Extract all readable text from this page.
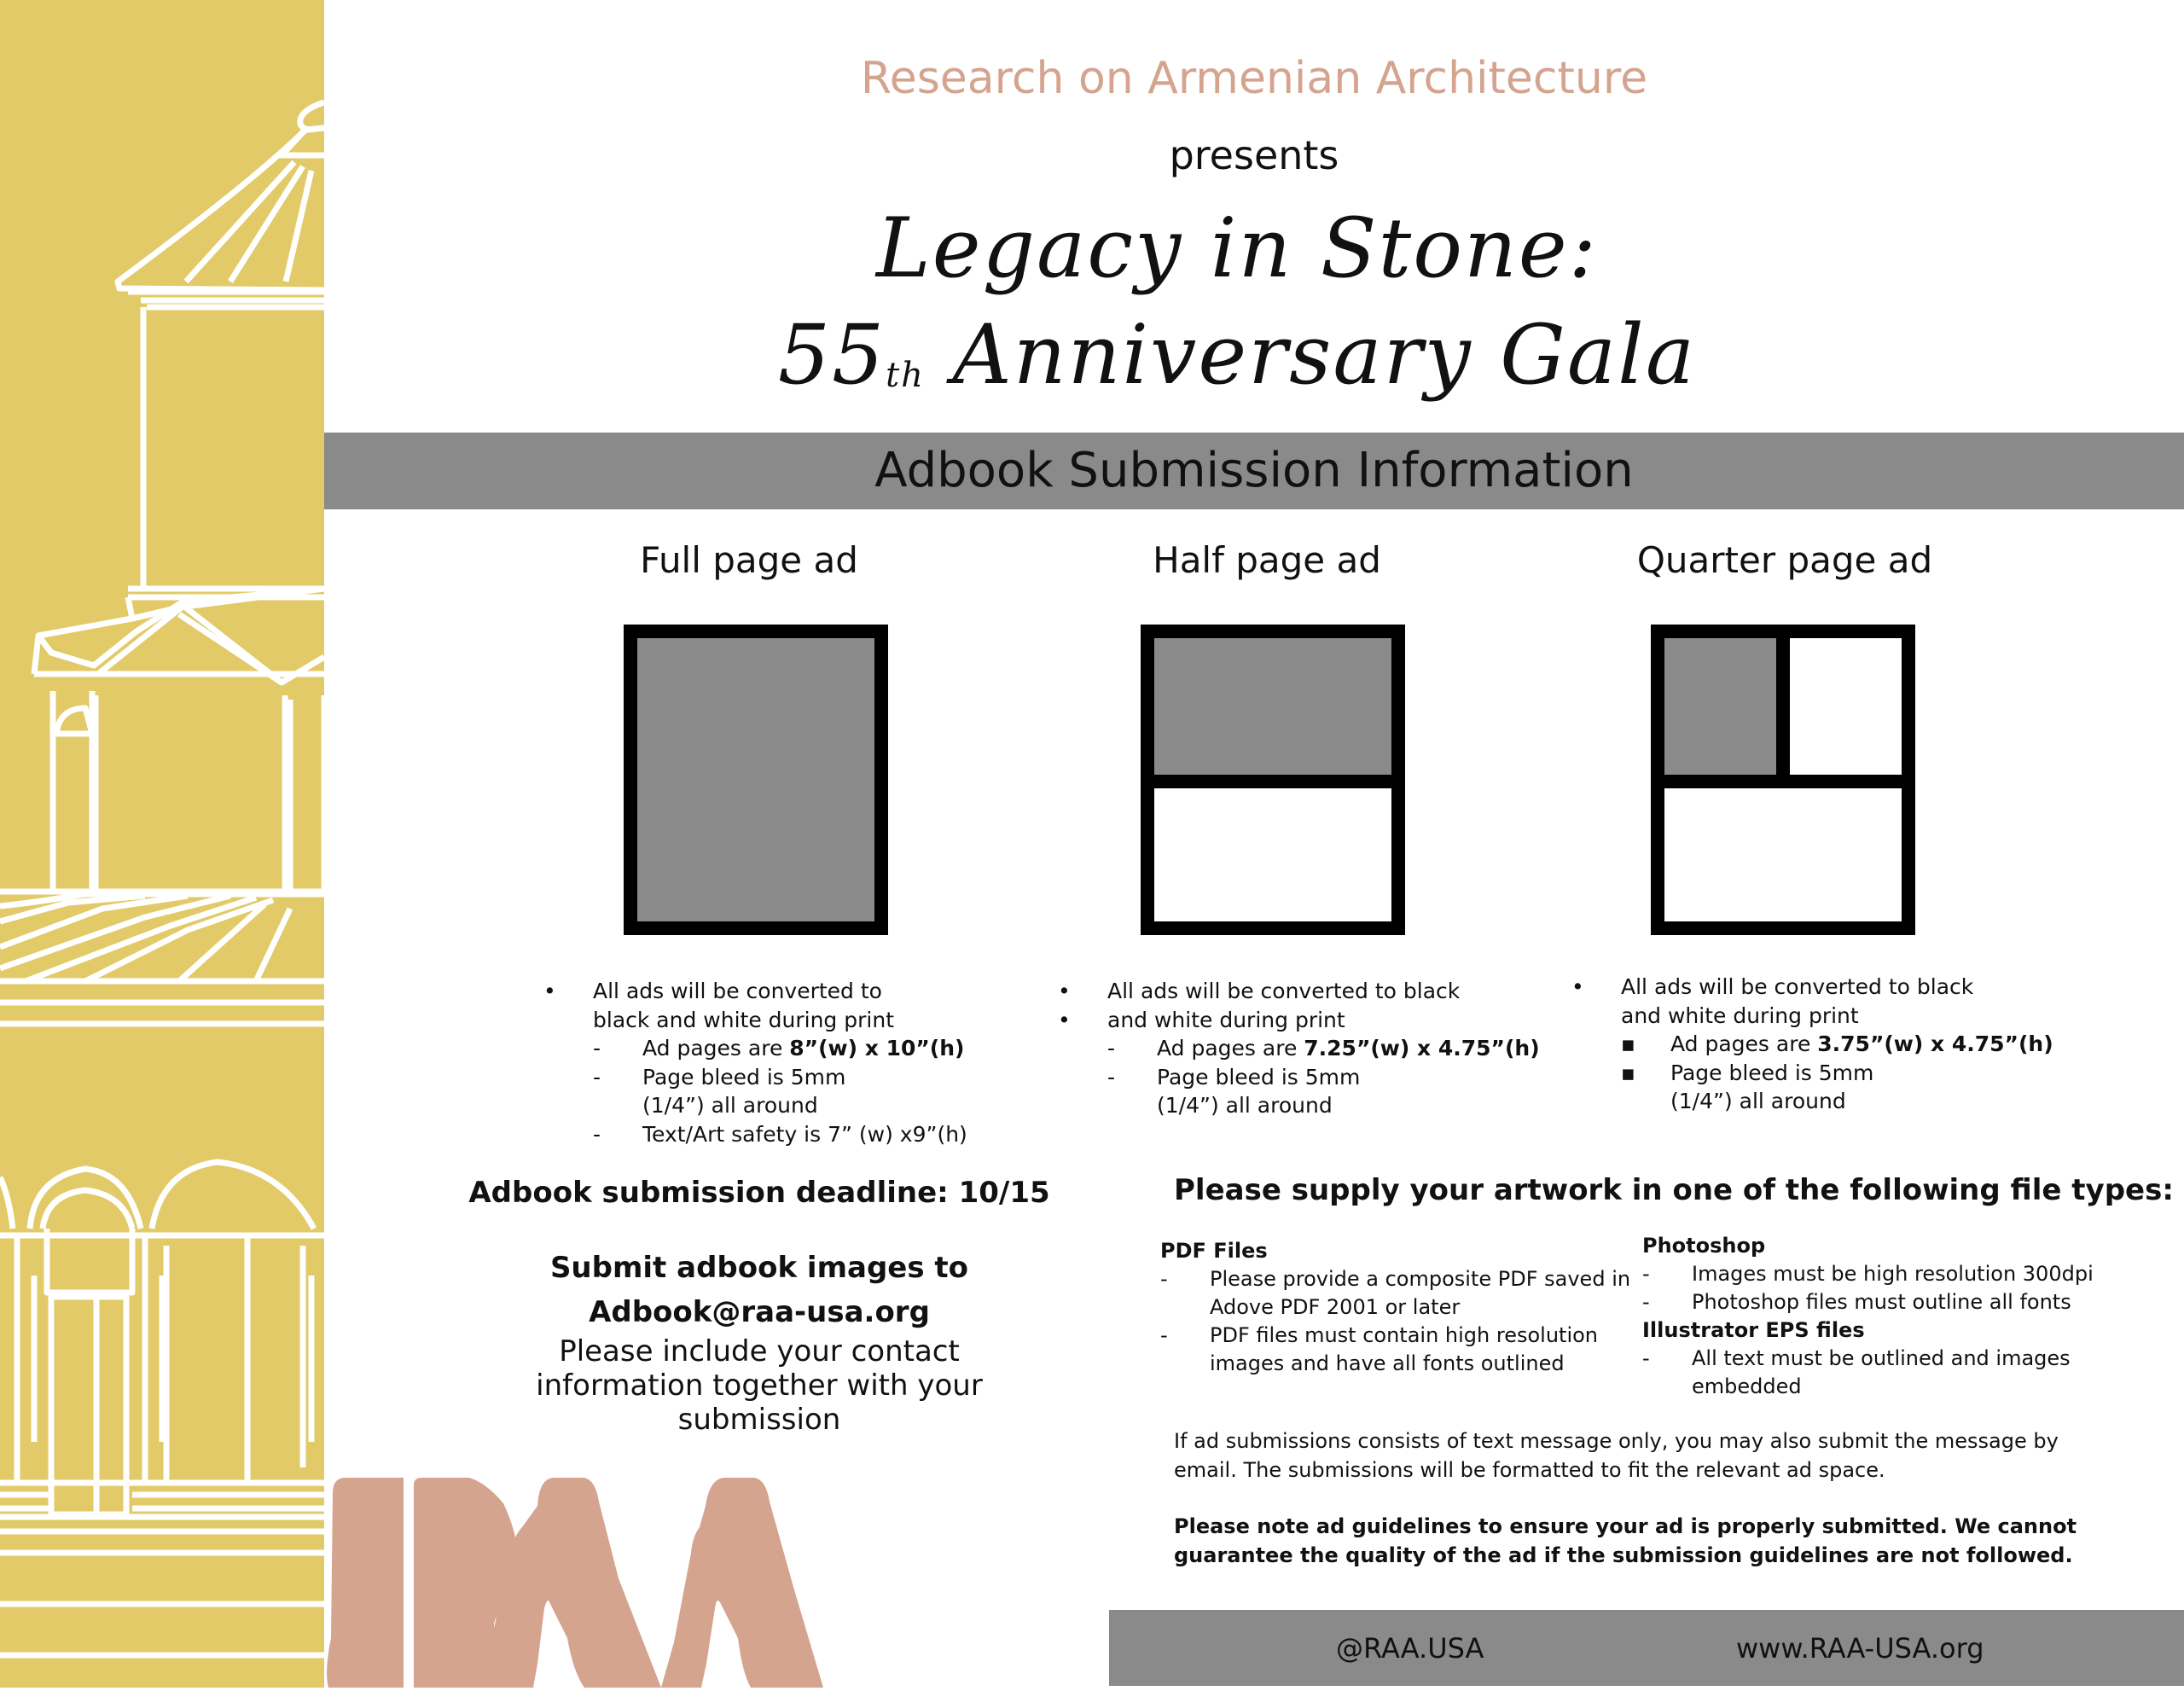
Research on Armenian Architecture
presents
Legacy in Stone:
55th Anniversary Gala
Adbook Submission Information
Full page ad	Half page ad	Quarter page ad
• All ads will be converted to black and white during print
- Ad pages are 8”(w) x 10”(h)
- Page bleed is 5mm (1/4”) all around
- Text/Art safety is 7” (w) x9”(h)
• All ads will be converted to black
• and white during print
- Ad pages are 7.25”(w) x 4.75”(h)
- Page bleed is 5mm (1/4”) all around
• All ads will be converted to black and white during print
▪ Ad pages are 3.75”(w) x 4.75”(h)
▪ Page bleed is 5mm (1/4”) all around
Adbook submission deadline: 10/15
Submit adbook images to
Adbook@raa-usa.org
Please include your contact information together with your submission
Please supply your artwork in one of the following file types:
PDF Files
- Please provide a composite PDF saved in Adove PDF 2001 or later
- PDF files must contain high resolution images and have all fonts outlined
Photoshop
- Images must be high resolution 300dpi
- Photoshop files must outline all fonts
Illustrator EPS files
- All text must be outlined and images embedded
If ad submissions consists of text message only, you may also submit the message by email. The submissions will be formatted to fit the relevant ad space.
Please note ad guidelines to ensure your ad is properly submitted. We cannot guarantee the quality of the ad if the submission guidelines are not followed.
@RAA.USA	www.RAA-USA.org
